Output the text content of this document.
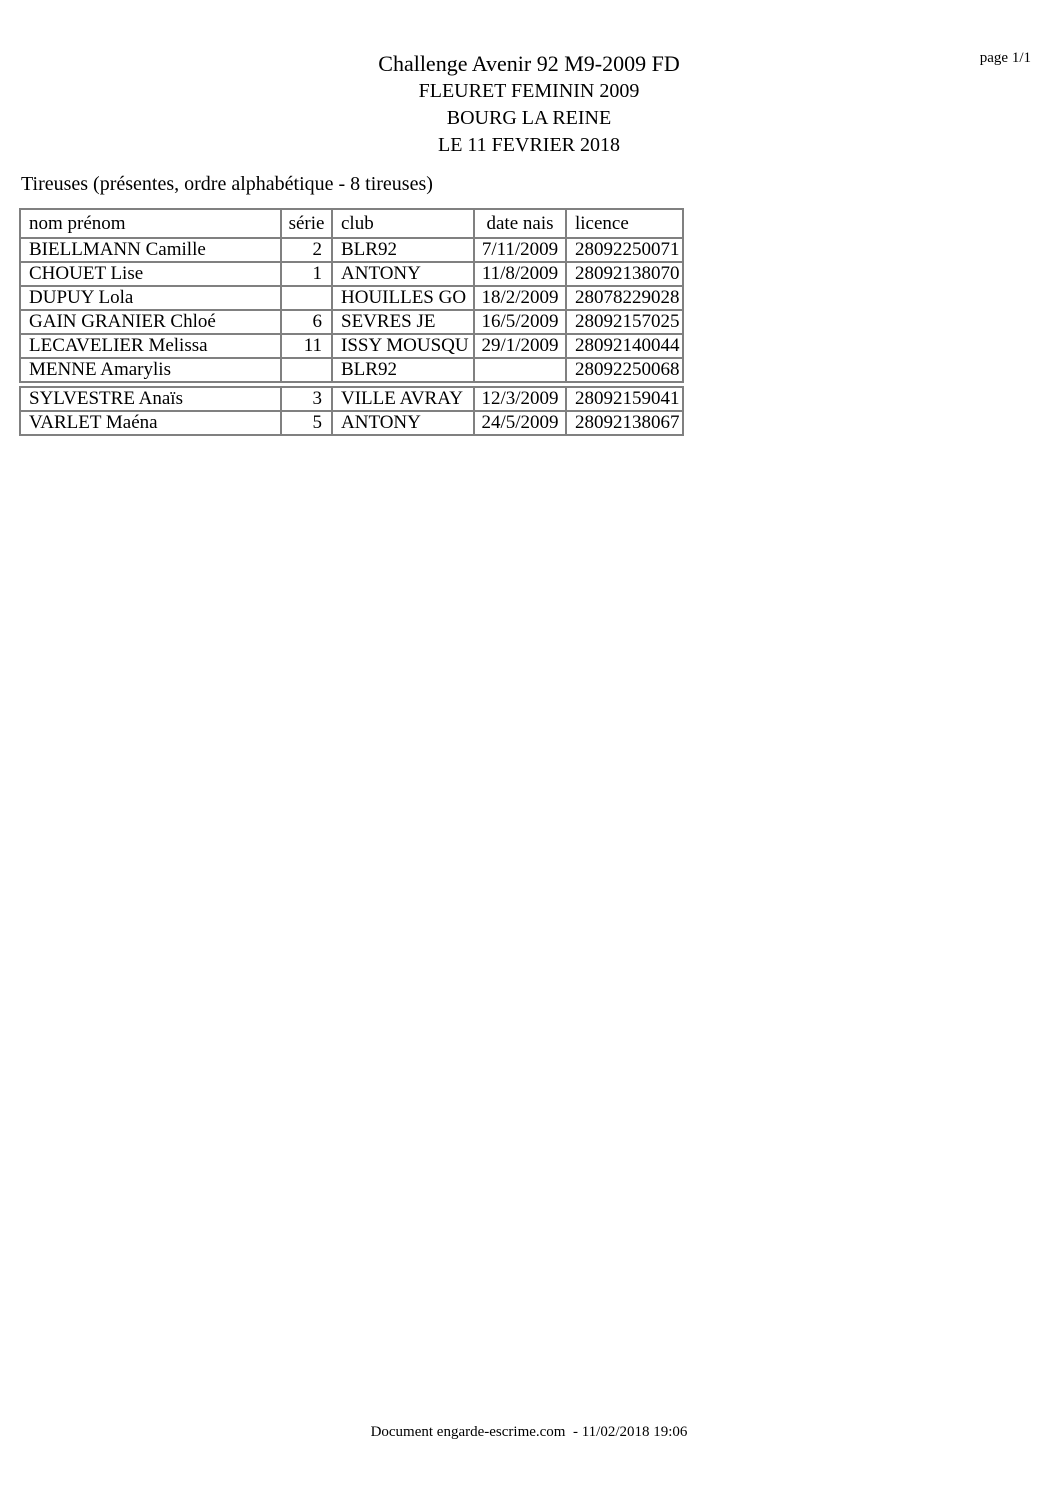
page 1/1
Challenge Avenir 92 M9-2009 FD
FLEURET FEMININ 2009
BOURG LA REINE
LE 11 FEVRIER 2018
Tireuses (présentes, ordre alphabétique - 8 tireuses)
nom prénom	série	club	date nais	licence
BIELLMANN Camille	2	BLR92	7/11/2009	28092250071
CHOUET Lise	1	ANTONY	11/8/2009	28092138070
DUPUY Lola		HOUILLES GO	18/2/2009	28078229028
GAIN GRANIER Chloé	6	SEVRES JE	16/5/2009	28092157025
LECAVELIER Melissa	11	ISSY MOUSQU	29/1/2009	28092140044
MENNE Amarylis		BLR92		28092250068
SYLVESTRE Anaïs	3	VILLE AVRAY	12/3/2009	28092159041
VARLET Maéna	5	ANTONY	24/5/2009	28092138067
Document engarde-escrime.com  - 11/02/2018 19:06
